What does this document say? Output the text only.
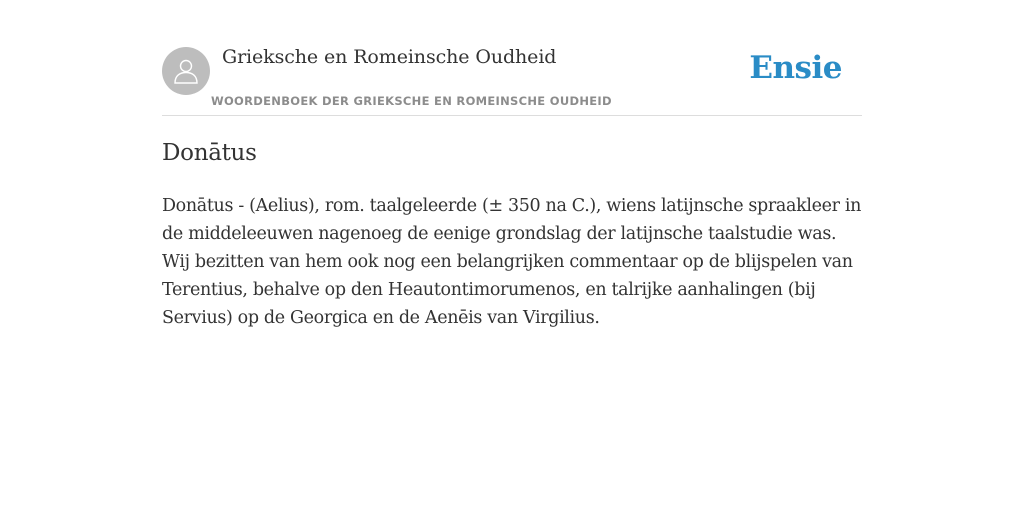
Grieksche en Romeinsche Oudheid
WOORDENBOEK DER GRIEKSCHE EN ROMEINSCHE OUDHEID
Ensie
Donātus
Donātus - (Aelius), rom. taalgeleerde (± 350 na C.), wiens latijnsche spraakleer in
de middeleeuwen nagenoeg de eenige grondslag der latijnsche taalstudie was.
Wij bezitten van hem ook nog een belangrijken commentaar op de blijspelen van
Terentius, behalve op den Heautontimorumenos, en talrijke aanhalingen (bij
Servius) op de Georgica en de Aenēis van Virgilius.
